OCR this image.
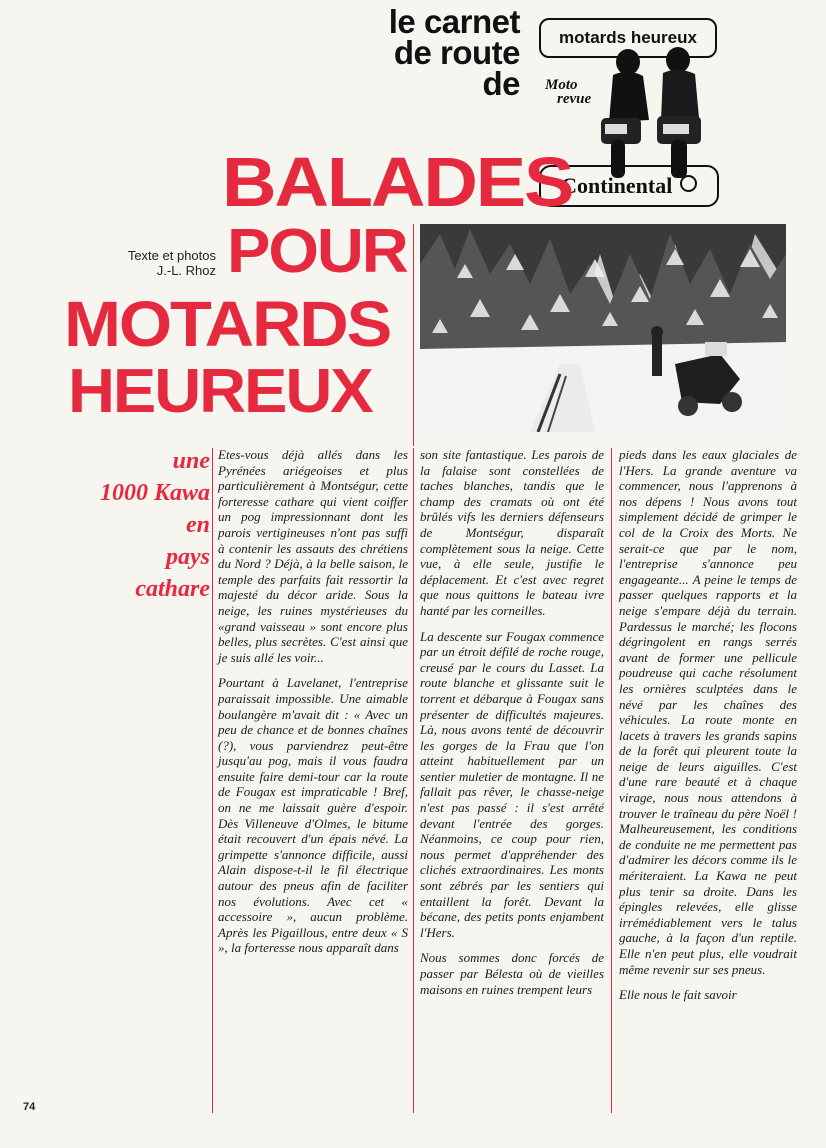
le carnet
de route
de
motards heureux
Moto
revue
Continental
BALADES
POUR
MOTARDS
HEUREUX
Texte et photos
J.-L. Rhoz
une
1000 Kawa
en
pays
cathare

Etes-vous déjà allés dans les Pyrénées ariégeoises et plus particulièrement à Montségur, cette forteresse cathare qui vient coiffer un pog impressionnant dont les parois vertigineuses n'ont pas suffi à contenir les assauts des chrétiens du Nord ? Déjà, à la belle saison, le temple des parfaits fait ressortir la majesté du décor aride. Sous la neige, les ruines mystérieuses du «grand vaisseau » sont encore plus belles, plus secrètes. C'est ainsi que je suis allé les voir...

Pourtant à Lavelanet, l'entreprise paraissait impossible. Une aimable boulangère m'avait dit : « Avec un peu de chance et de bonnes chaînes (?), vous parviendrez peut-être jusqu'au pog, mais il vous faudra ensuite faire demi-tour car la route de Fougax est impraticable ! Bref, on ne me laissait guère d'espoir. Dès Villeneuve d'Olmes, le bitume était recouvert d'un épais névé. La grimpette s'annonce difficile, aussi Alain dispose-t-il le fil électrique autour des pneus afin de faciliter nos évolutions. Avec cet « accessoire », aucun problème. Après les Pigaillous, entre deux « S », la forteresse nous apparaît dans

son site fantastique. Les parois de la falaise sont constellées de taches blanches, tandis que le champ des cramats où ont été brûlés vifs les derniers défenseurs de Montségur, disparaît complètement sous la neige. Cette vue, à elle seule, justifie le déplacement. Et c'est avec regret que nous quittons le bateau ivre hanté par les corneilles.

La descente sur Fougax commence par un étroit défilé de roche rouge, creusé par le cours du Lasset. La route blanche et glissante suit le torrent et débarque à Fougax sans présenter de difficultés majeures. Là, nous avons tenté de découvrir les gorges de la Frau que l'on atteint habituellement par un sentier muletier de montagne. Il ne fallait pas rêver, le chasse-neige n'est pas passé : il s'est arrêté devant l'entrée des gorges. Néanmoins, ce coup pour rien, nous permet d'appréhender des clichés extraordinaires. Les monts sont zébrés par les sentiers qui entaillent la forêt. Devant la bécane, des petits ponts enjambent l'Hers.

Nous sommes donc forcés de passer par Bélesta où de vieilles maisons en ruines trempent leurs

pieds dans les eaux glaciales de l'Hers. La grande aventure va commencer, nous l'apprenons à nos dépens ! Nous avons tout simplement décidé de grimper le col de la Croix des Morts. Ne serait-ce que par le nom, l'entreprise s'annonce peu engageante... A peine le temps de passer quelques rapports et la neige s'empare déjà du terrain. Pardessus le marché; les flocons dégringolent en rangs serrés avant de former une pellicule poudreuse qui cache résolument les ornières sculptées dans le névé par les chaînes des véhicules. La route monte en lacets à travers les grands sapins de la forêt qui pleurent toute la neige de leurs aiguilles. C'est d'une rare beauté et à chaque virage, nous nous attendons à trouver le traîneau du père Noël ! Malheureusement, les conditions de conduite ne me permettent pas d'admirer les décors comme ils le mériteraient. La Kawa ne peut plus tenir sa droite. Dans les épingles relevées, elle glisse irrémédiablement vers le talus gauche, à la façon d'un reptile. Elle n'en peut plus, elle voudrait même revenir sur ses pneus.

Elle nous le fait savoir

74
